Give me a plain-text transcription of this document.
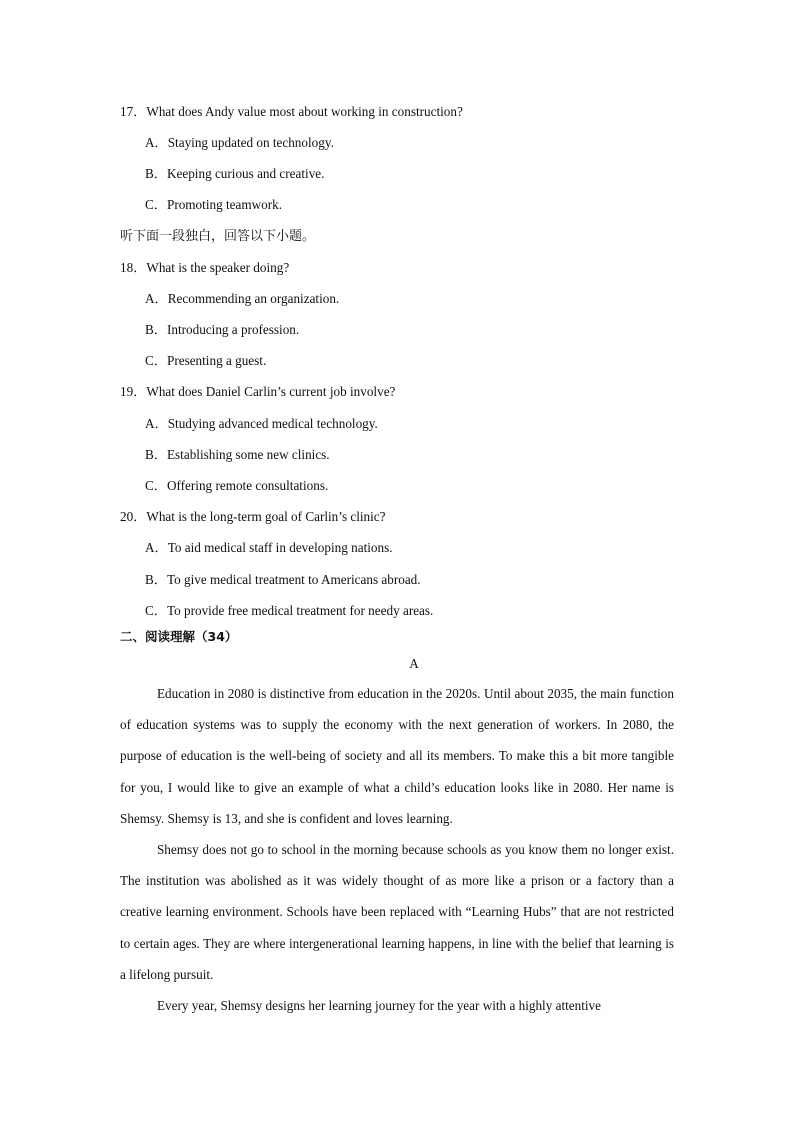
17．What does Andy value most about working in construction?
A．Staying updated on technology.
B．Keeping curious and creative.
C．Promoting teamwork.
听下面一段独白，回答以下小题。
18．What is the speaker doing?
A．Recommending an organization.
B．Introducing a profession.
C．Presenting a guest.
19．What does Daniel Carlin’s current job involve?
A．Studying advanced medical technology.
B．Establishing some new clinics.
C．Offering remote consultations.
20．What is the long-term goal of Carlin’s clinic?
A．To aid medical staff in developing nations.
B．To give medical treatment to Americans abroad.
C．To provide free medical treatment for needy areas.
二、阅读理解（34）
A

Education in 2080 is distinctive from education in the 2020s. Until about 2035, the main function of education systems was to supply the economy with the next generation of workers. In 2080, the purpose of education is the well-being of society and all its members. To make this a bit more tangible for you, I would like to give an example of what a child’s education looks like in 2080. Her name is Shemsy. Shemsy is 13, and she is confident and loves learning.

Shemsy does not go to school in the morning because schools as you know them no longer exist. The institution was abolished as it was widely thought of as more like a prison or a factory than a creative learning environment. Schools have been replaced with “Learning Hubs” that are not restricted to certain ages. They are where intergenerational learning happens, in line with the belief that learning is a lifelong pursuit.

Every year, Shemsy designs her learning journey for the year with a highly attentive
